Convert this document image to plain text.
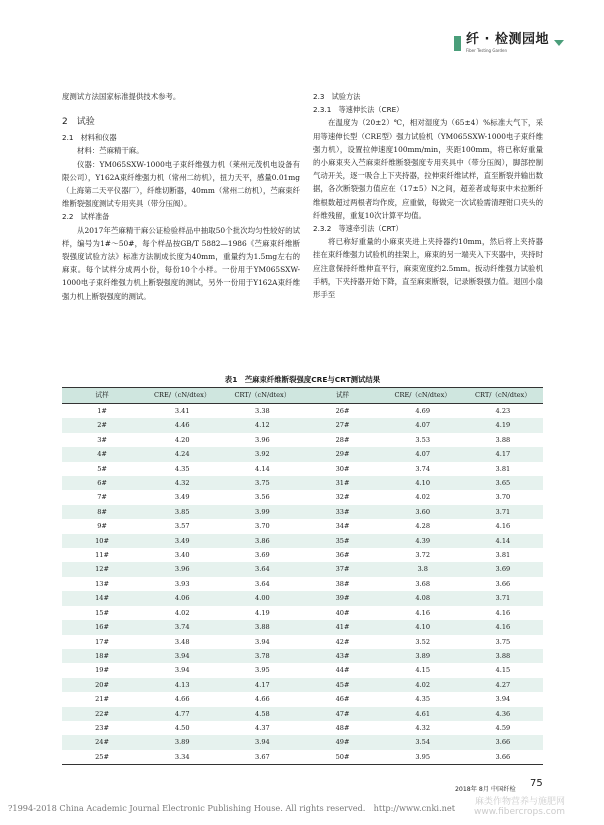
纤 · 检测园地
Fiber Testing Garden

度测试方法国家标准提供技术参考。

2　试验
2.1　材料和仪器

材料：苎麻精干麻。

仪器：YM065SXW-1000电子束纤维强力机（莱州元茂机电设备有限公司），Y162A束纤维强力机（常州二纺机），扭力天平，感量0.01mg（上海第二天平仪器厂），纤维切断器，40mm（常州二纺机），苎麻束纤维断裂强度测试专用夹具（带分压阀）。

2.2　试样准备

从2017年苎麻精干麻公证检验样品中抽取50个批次均匀性较好的试样，编号为1#～50#，每个样品按GB/T 5882—1986《苎麻束纤维断裂强度试验方法》标准方法制成长度为40mm，重量约为1.5mg左右的麻束。每个试样分成两小份，每份10个小样。一份用于YM065SXW-1000电子束纤维强力机上断裂强度的测试，另外一份用于Y162A束纤维强力机上断裂强度的测试。

2.3　试验方法
2.3.1　等速伸长法（CRE）

在温度为（20±2）℃，相对湿度为（65±4）%标准大气下，采用等速伸长型（CRE型）强力试验机（YM065SXW-1000电子束纤维强力机），设置拉伸速度100mm/min，夹距100mm，将已称好重量的小麻束夹入苎麻束纤维断裂强度专用夹具中（带分压阀），脚部控制气动开关，逐一吸合上下夹持器，拉伸束纤维试样，直至断裂并输出数据，各次断裂强力值应在（17±5）N之间，超差者或每束中未拉断纤维根数超过两根者均作废，应重做，每做完一次试验需清理钳口夹头的纤维残留，重复10次计算平均值。

2.3.2　等速牵引法（CRT）

将已称好重量的小麻束夹进上夹持器约10mm，然后将上夹持器挂在束纤维强力试验机的挂架上，麻束的另一端夹入下夹器中，夹持时应注意保持纤维伸直平行，麻束宽度约2.5mm。扳动纤维强力试验机手柄，下夹持器开始下降，直至麻束断裂，记录断裂强力值。退回小扇形手至

表1　苎麻束纤维断裂强度CRE与CRT测试结果
试样	CRE/（cN/dtex）	CRT/（cN/dtex）	试样	CRE/（cN/dtex）	CRT/（cN/dtex）
1#	3.41	3.38	26#	4.69	4.23
2#	4.46	4.12	27#	4.07	4.19
3#	4.20	3.96	28#	3.53	3.88
4#	4.24	3.92	29#	4.07	4.17
5#	4.35	4.14	30#	3.74	3.81
6#	4.32	3.75	31#	4.10	3.65
7#	3.49	3.56	32#	4.02	3.70
8#	3.85	3.99	33#	3.60	3.71
9#	3.57	3.70	34#	4.28	4.16
10#	3.49	3.86	35#	4.39	4.14
11#	3.40	3.69	36#	3.72	3.81
12#	3.96	3.64	37#	3.8	3.69
13#	3.93	3.64	38#	3.68	3.66
14#	4.06	4.00	39#	4.08	3.71
15#	4.02	4.19	40#	4.16	4.16
16#	3.74	3.88	41#	4.10	4.16
17#	3.48	3.94	42#	3.52	3.75
18#	3.94	3.78	43#	3.89	3.88
19#	3.94	3.95	44#	4.15	4.15
20#	4.13	4.17	45#	4.02	4.27
21#	4.66	4.66	46#	4.35	3.94
22#	4.77	4.58	47#	4.61	4.36
23#	4.50	4.37	48#	4.32	4.59
24#	3.89	3.94	49#	3.54	3.66
25#	3.34	3.67	50#	3.95	3.66
2018年 8月 中国纤检
75
?1994-2018 China Academic Journal Electronic Publishing House. All rights reserved.　http://www.cnki.net
麻类作物营养与施肥网
www.fibercrops.com
